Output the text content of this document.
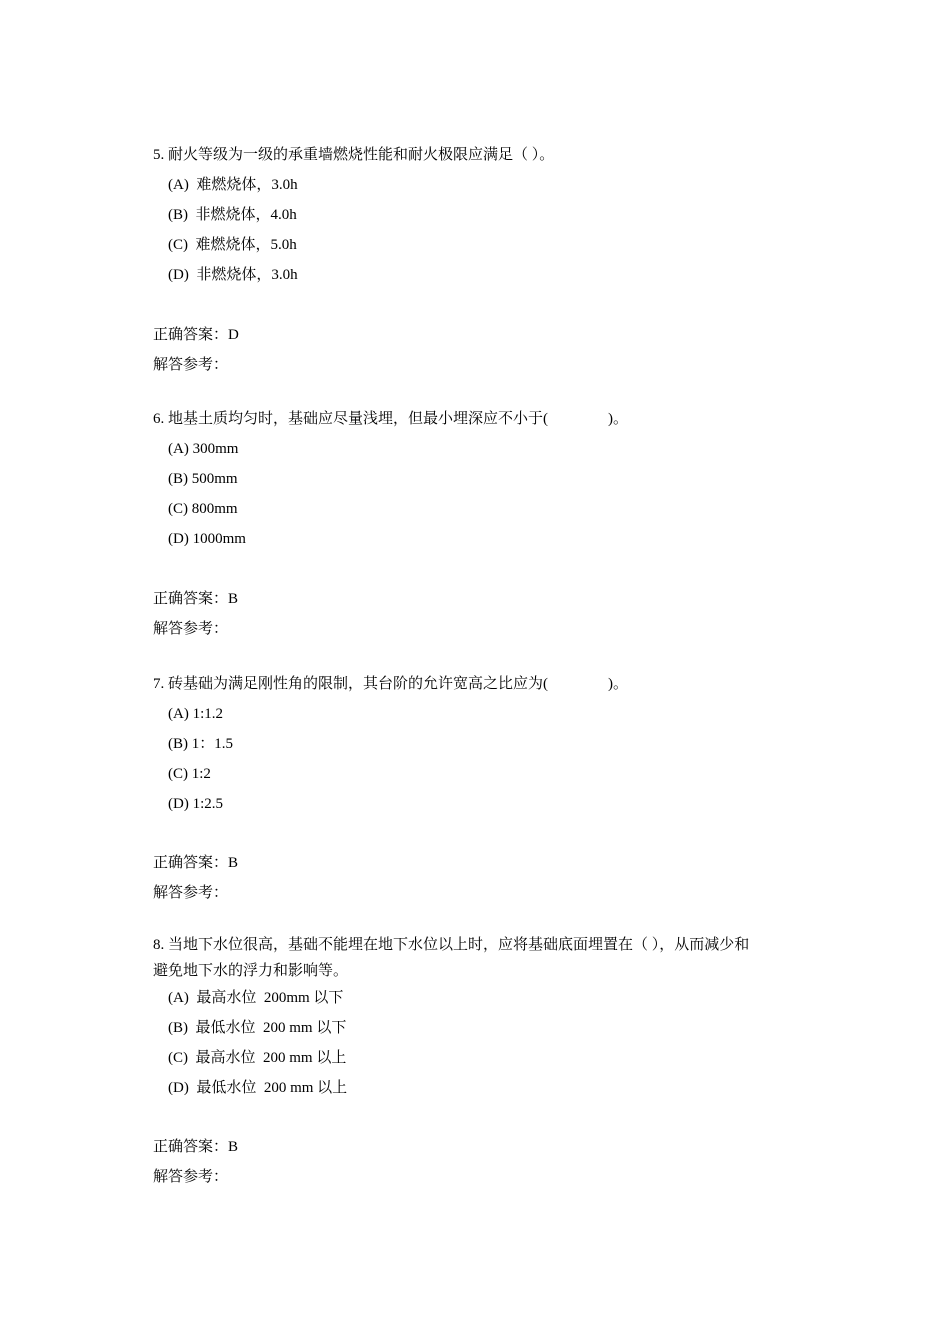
5. 耐火等级为一级的承重墙燃烧性能和耐火极限应满足（ ）。
(A)  难燃烧体，3.0h
(B)  非燃烧体，4.0h
(C)  难燃烧体，5.0h
(D)  非燃烧体，3.0h
正确答案：D
解答参考：
6. 地基土质均匀时，基础应尽量浅埋，但最小埋深应不小于(                )。
(A) 300mm
(B) 500mm
(C) 800mm
(D) 1000mm
正确答案：B
解答参考：
7. 砖基础为满足刚性角的限制，其台阶的允许宽高之比应为(                )。
(A) 1:1.2
(B) 1：1.5
(C) 1:2
(D) 1:2.5
正确答案：B
解答参考：
8. 当地下水位很高，基础不能埋在地下水位以上时，应将基础底面埋置在（ ），从而减少和
避免地下水的浮力和影响等。
(A)  最高水位  200mm 以下
(B)  最低水位  200 mm 以下
(C)  最高水位  200 mm 以上
(D)  最低水位  200 mm 以上
正确答案：B
解答参考：
